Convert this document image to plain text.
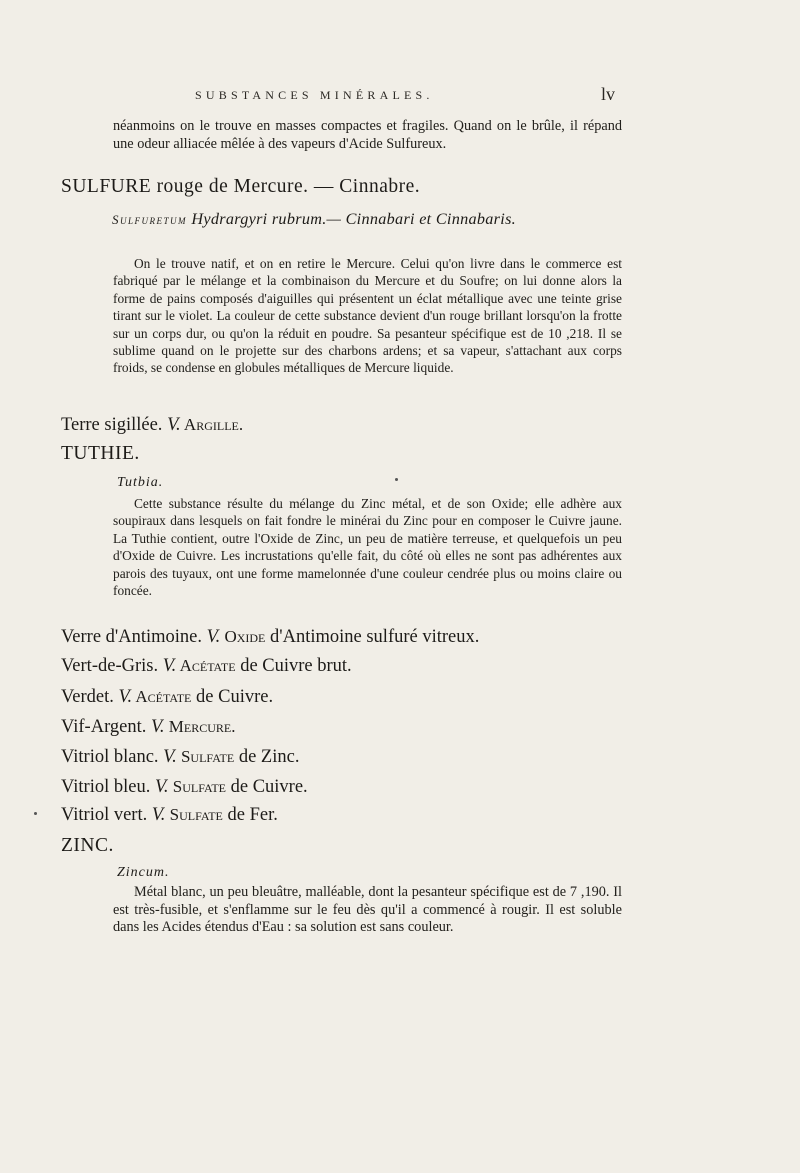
SUBSTANCES MINÉRALES.	lv
néanmoins on le trouve en masses compactes et fragiles. Quand on le brûle, il répand une odeur alliacée mêlée à des vapeurs d'Acide Sulfureux.
SULFURE rouge de Mercure. — Cinnabre.
Sulfuretum Hydrargyri rubrum.— Cinnabari et Cinnabaris.
On le trouve natif, et on en retire le Mercure. Celui qu'on livre dans le commerce est fabriqué par le mélange et la combinaison du Mercure et du Soufre; on lui donne alors la forme de pains composés d'aiguilles qui présentent un éclat métallique avec une teinte grise tirant sur le violet. La couleur de cette substance devient d'un rouge brillant lorsqu'on la frotte sur un corps dur, ou qu'on la réduit en poudre. Sa pesanteur spécifique est de 10 ,218. Il se sublime quand on le projette sur des charbons ardens; et sa vapeur, s'attachant aux corps froids, se condense en globules métalliques de Mercure liquide.
Terre sigillée. V. Argille.
TUTHIE.
Tutbia.
Cette substance résulte du mélange du Zinc métal, et de son Oxide; elle adhère aux soupiraux dans lesquels on fait fondre le minérai du Zinc pour en composer le Cuivre jaune. La Tuthie contient, outre l'Oxide de Zinc, un peu de matière terreuse, et quelquefois un peu d'Oxide de Cuivre. Les incrustations qu'elle fait, du côté où elles ne sont pas adhérentes aux parois des tuyaux, ont une forme mamelonnée d'une couleur cendrée plus ou moins claire ou foncée.
Verre d'Antimoine. V. Oxide d'Antimoine sulfuré vitreux.
Vert-de-Gris. V. Acétate de Cuivre brut.
Verdet. V. Acétate de Cuivre.
Vif-Argent. V. Mercure.
Vitriol blanc. V. Sulfate de Zinc.
Vitriol bleu. V. Sulfate de Cuivre.
Vitriol vert. V. Sulfate de Fer.
ZINC.
Zincum.
Métal blanc, un peu bleuâtre, malléable, dont la pesanteur spécifique est de 7 ,190. Il est très-fusible, et s'enflamme sur le feu dès qu'il a commencé à rougir. Il est soluble dans les Acides étendus d'Eau : sa solution est sans couleur.
